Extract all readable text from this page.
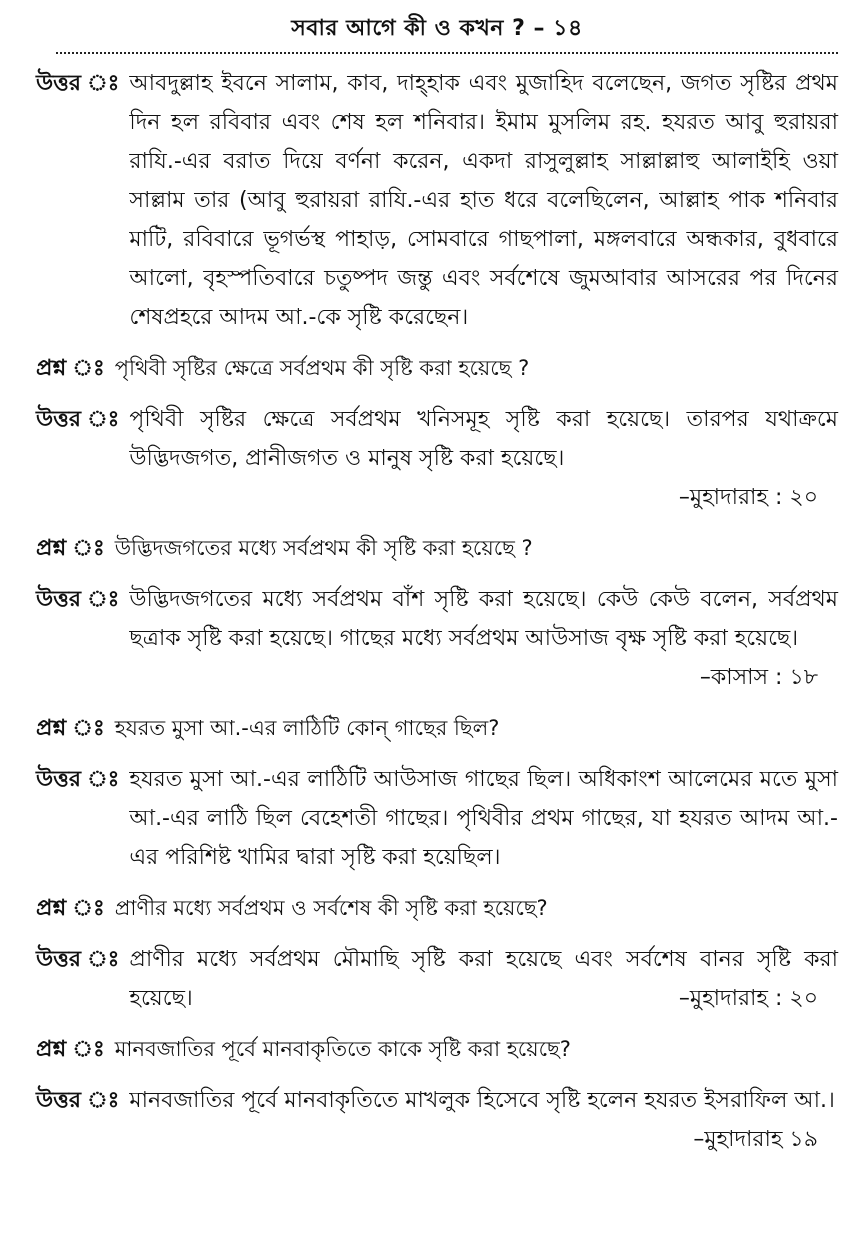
সবার আগে কী ও কখন ? – ১৪
উত্তর ঃ আবদুল্লাহ ইবনে সালাম, কাব, দাহ্‌হাক এবং মুজাহিদ বলেছেন, জগত সৃষ্টির প্রথম দিন হল রবিবার এবং শেষ হল শনিবার। ইমাম মুসলিম রহ. হযরত আবু হুরায়রা রাযি.-এর বরাত দিয়ে বর্ণনা করেন, একদা রাসুলুল্লাহ সাল্লাল্লাহু আলাইহি ওয়া সাল্লাম তার (আবু হুরায়রা রাযি.-এর হাত ধরে বলেছিলেন, আল্লাহ পাক শনিবার মাটি, রবিবারে ভূগর্ভস্থ পাহাড়, সোমবারে গাছপালা, মঙ্গলবারে অন্ধকার, বুধবারে আলো, বৃহস্পতিবারে চতুষ্পদ জন্তু এবং সর্বশেষে জুমআবার আসরের পর দিনের শেষপ্রহরে আদম আ.-কে সৃষ্টি করেছেন।
প্রশ্ন ঃ পৃথিবী সৃষ্টির ক্ষেত্রে সর্বপ্রথম কী সৃষ্টি করা হয়েছে ?
উত্তর ঃ পৃথিবী সৃষ্টির ক্ষেত্রে সর্বপ্রথম খনিসমূহ সৃষ্টি করা হয়েছে। তারপর যথাক্রমে উদ্ভিদজগত, প্রানীজগত ও মানুষ সৃষ্টি করা হয়েছে।
–মুহাদারাহ : ২০
প্রশ্ন ঃ উদ্ভিদজগতের মধ্যে সর্বপ্রথম কী সৃষ্টি করা হয়েছে ?
উত্তর ঃ উদ্ভিদজগতের মধ্যে সর্বপ্রথম বাঁশ সৃষ্টি করা হয়েছে। কেউ কেউ বলেন, সর্বপ্রথম ছত্রাক সৃষ্টি করা হয়েছে। গাছের মধ্যে সর্বপ্রথম আউসাজ বৃক্ষ সৃষ্টি করা হয়েছে।
–কাসাস : ১৮
প্রশ্ন ঃ হযরত মুসা আ.-এর লাঠিটি কোন্ গাছের ছিল?
উত্তর ঃ হযরত মুসা আ.-এর লাঠিটি আউসাজ গাছের ছিল। অধিকাংশ আলেমের মতে মুসা আ.-এর লাঠি ছিল বেহেশতী গাছের। পৃথিবীর প্রথম গাছের, যা হযরত আদম আ.-এর পরিশিষ্ট খামির দ্বারা সৃষ্টি করা হয়েছিল।
প্রশ্ন ঃ প্রাণীর মধ্যে সর্বপ্রথম ও সর্বশেষ কী সৃষ্টি করা হয়েছে?
উত্তর ঃ প্রাণীর মধ্যে সর্বপ্রথম মৌমাছি সৃষ্টি করা হয়েছে এবং সর্বশেষ বানর সৃষ্টি করা হয়েছে।	–মুহাদারাহ : ২০
প্রশ্ন ঃ মানবজাতির পূর্বে মানবাকৃতিতে কাকে সৃষ্টি করা হয়েছে?
উত্তর ঃ মানবজাতির পূর্বে মানবাকৃতিতে মাখলুক হিসেবে সৃষ্টি হলেন হযরত ইসরাফিল আ.।
–মুহাদারাহ ১৯
